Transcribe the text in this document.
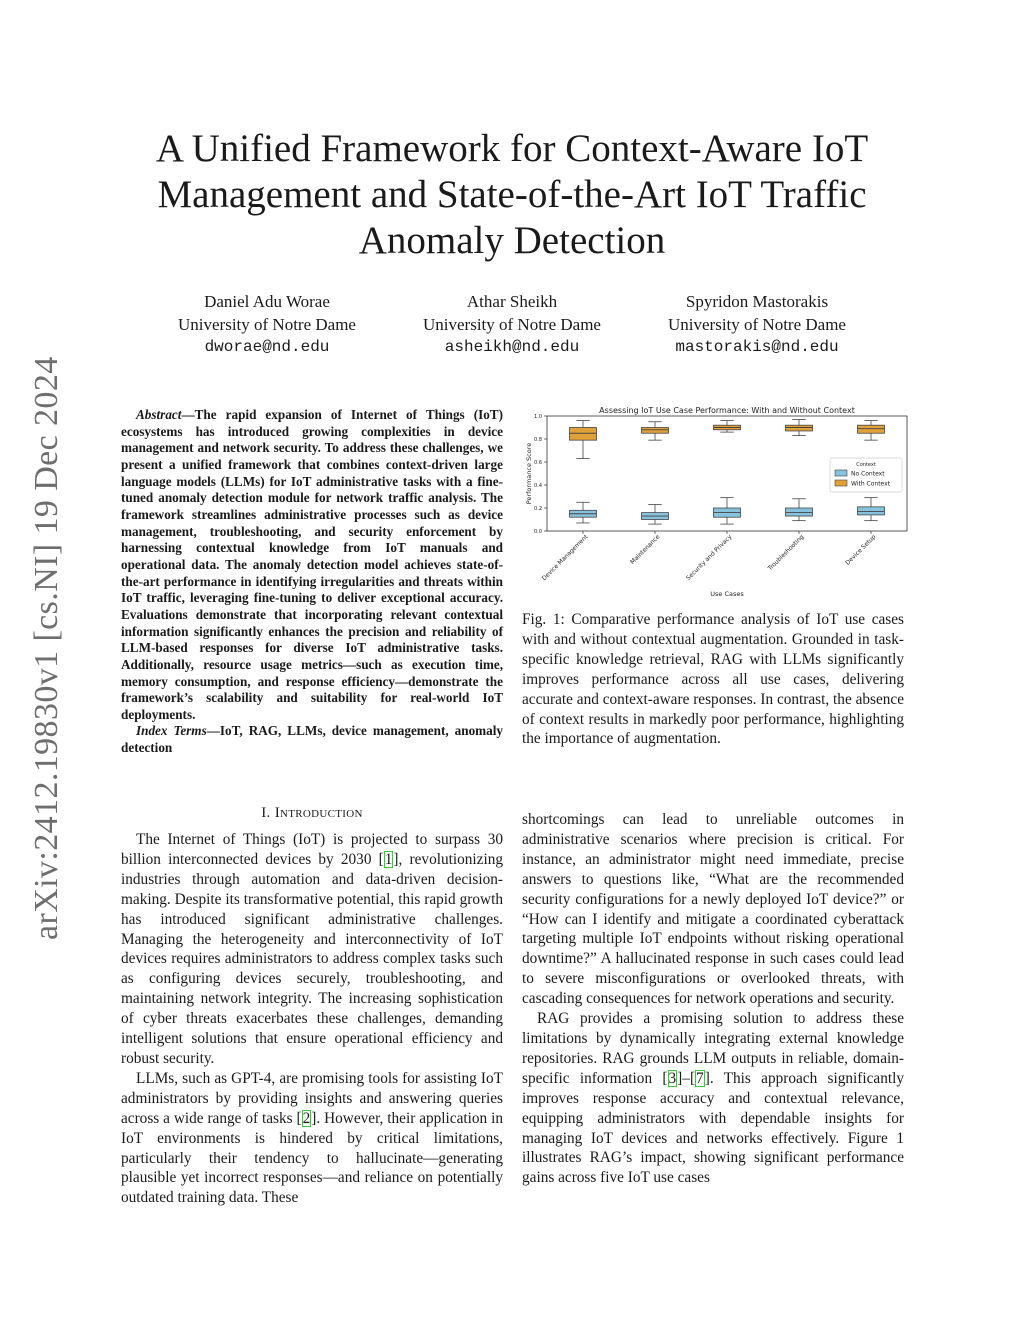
arXiv:2412.19830v1 [cs.NI] 19 Dec 2024
A Unified Framework for Context-Aware IoT Management and State-of-the-Art IoT Traffic Anomaly Detection
Daniel Adu Worae
University of Notre Dame
dworae@nd.edu
Athar Sheikh
University of Notre Dame
asheikh@nd.edu
Spyridon Mastorakis
University of Notre Dame
mastorakis@nd.edu

Abstract—The rapid expansion of Internet of Things (IoT) ecosystems has introduced growing complexities in device management and network security. To address these challenges, we present a unified framework that combines context-driven large language models (LLMs) for IoT administrative tasks with a fine-tuned anomaly detection module for network traffic analysis. The framework streamlines administrative processes such as device management, troubleshooting, and security enforcement by harnessing contextual knowledge from IoT manuals and operational data. The anomaly detection model achieves state-of-the-art performance in identifying irregularities and threats within IoT traffic, leveraging fine-tuning to deliver exceptional accuracy. Evaluations demonstrate that incorporating relevant contextual information significantly enhances the precision and reliability of LLM-based responses for diverse IoT administrative tasks. Additionally, resource usage metrics—such as execution time, memory consumption, and response efficiency—demonstrate the framework’s scalability and suitability for real-world IoT deployments.

Index Terms—IoT, RAG, LLMs, device management, anomaly detection

I. Introduction

The Internet of Things (IoT) is projected to surpass 30 billion interconnected devices by 2030 [1], revolutionizing industries through automation and data-driven decision-making. Despite its transformative potential, this rapid growth has introduced significant administrative challenges. Managing the heterogeneity and interconnectivity of IoT devices requires administrators to address complex tasks such as configuring devices securely, troubleshooting, and maintaining network integrity. The increasing sophistication of cyber threats exacerbates these challenges, demanding intelligent solutions that ensure operational efficiency and robust security.

LLMs, such as GPT-4, are promising tools for assisting IoT administrators by providing insights and answering queries across a wide range of tasks [2]. However, their application in IoT environments is hindered by critical limitations, particularly their tendency to hallucinate—generating plausible yet incorrect responses—and reliance on potentially outdated training data. These

shortcomings can lead to unreliable outcomes in administrative scenarios where precision is critical. For instance, an administrator might need immediate, precise answers to questions like, “What are the recommended security configurations for a newly deployed IoT device?” or “How can I identify and mitigate a coordinated cyberattack targeting multiple IoT endpoints without risking operational downtime?” A hallucinated response in such cases could lead to severe misconfigurations or overlooked threats, with cascading consequences for network operations and security.

RAG provides a promising solution to address these limitations by dynamically integrating external knowledge repositories. RAG grounds LLM outputs in reliable, domain-specific information [3]–[7]. This approach significantly improves response accuracy and contextual relevance, equipping administrators with dependable insights for managing IoT devices and networks effectively. Figure 1 illustrates RAG’s impact, showing significant performance gains across five IoT use cases

Assessing IoT Use Case Performance: With and Without Context
0.0
0.2
0.4
0.6
0.8
1.0
Performance Score
Device Management	Maintenance	Security and Privacy	Troubleshooting	Device Setup
Use Cases
Context
No Context
With Context

Fig. 1: Comparative performance analysis of IoT use cases with and without contextual augmentation. Grounded in task-specific knowledge retrieval, RAG with LLMs significantly improves performance across all use cases, delivering accurate and context-aware responses. In contrast, the absence of context results in markedly poor performance, highlighting the importance of augmentation.
